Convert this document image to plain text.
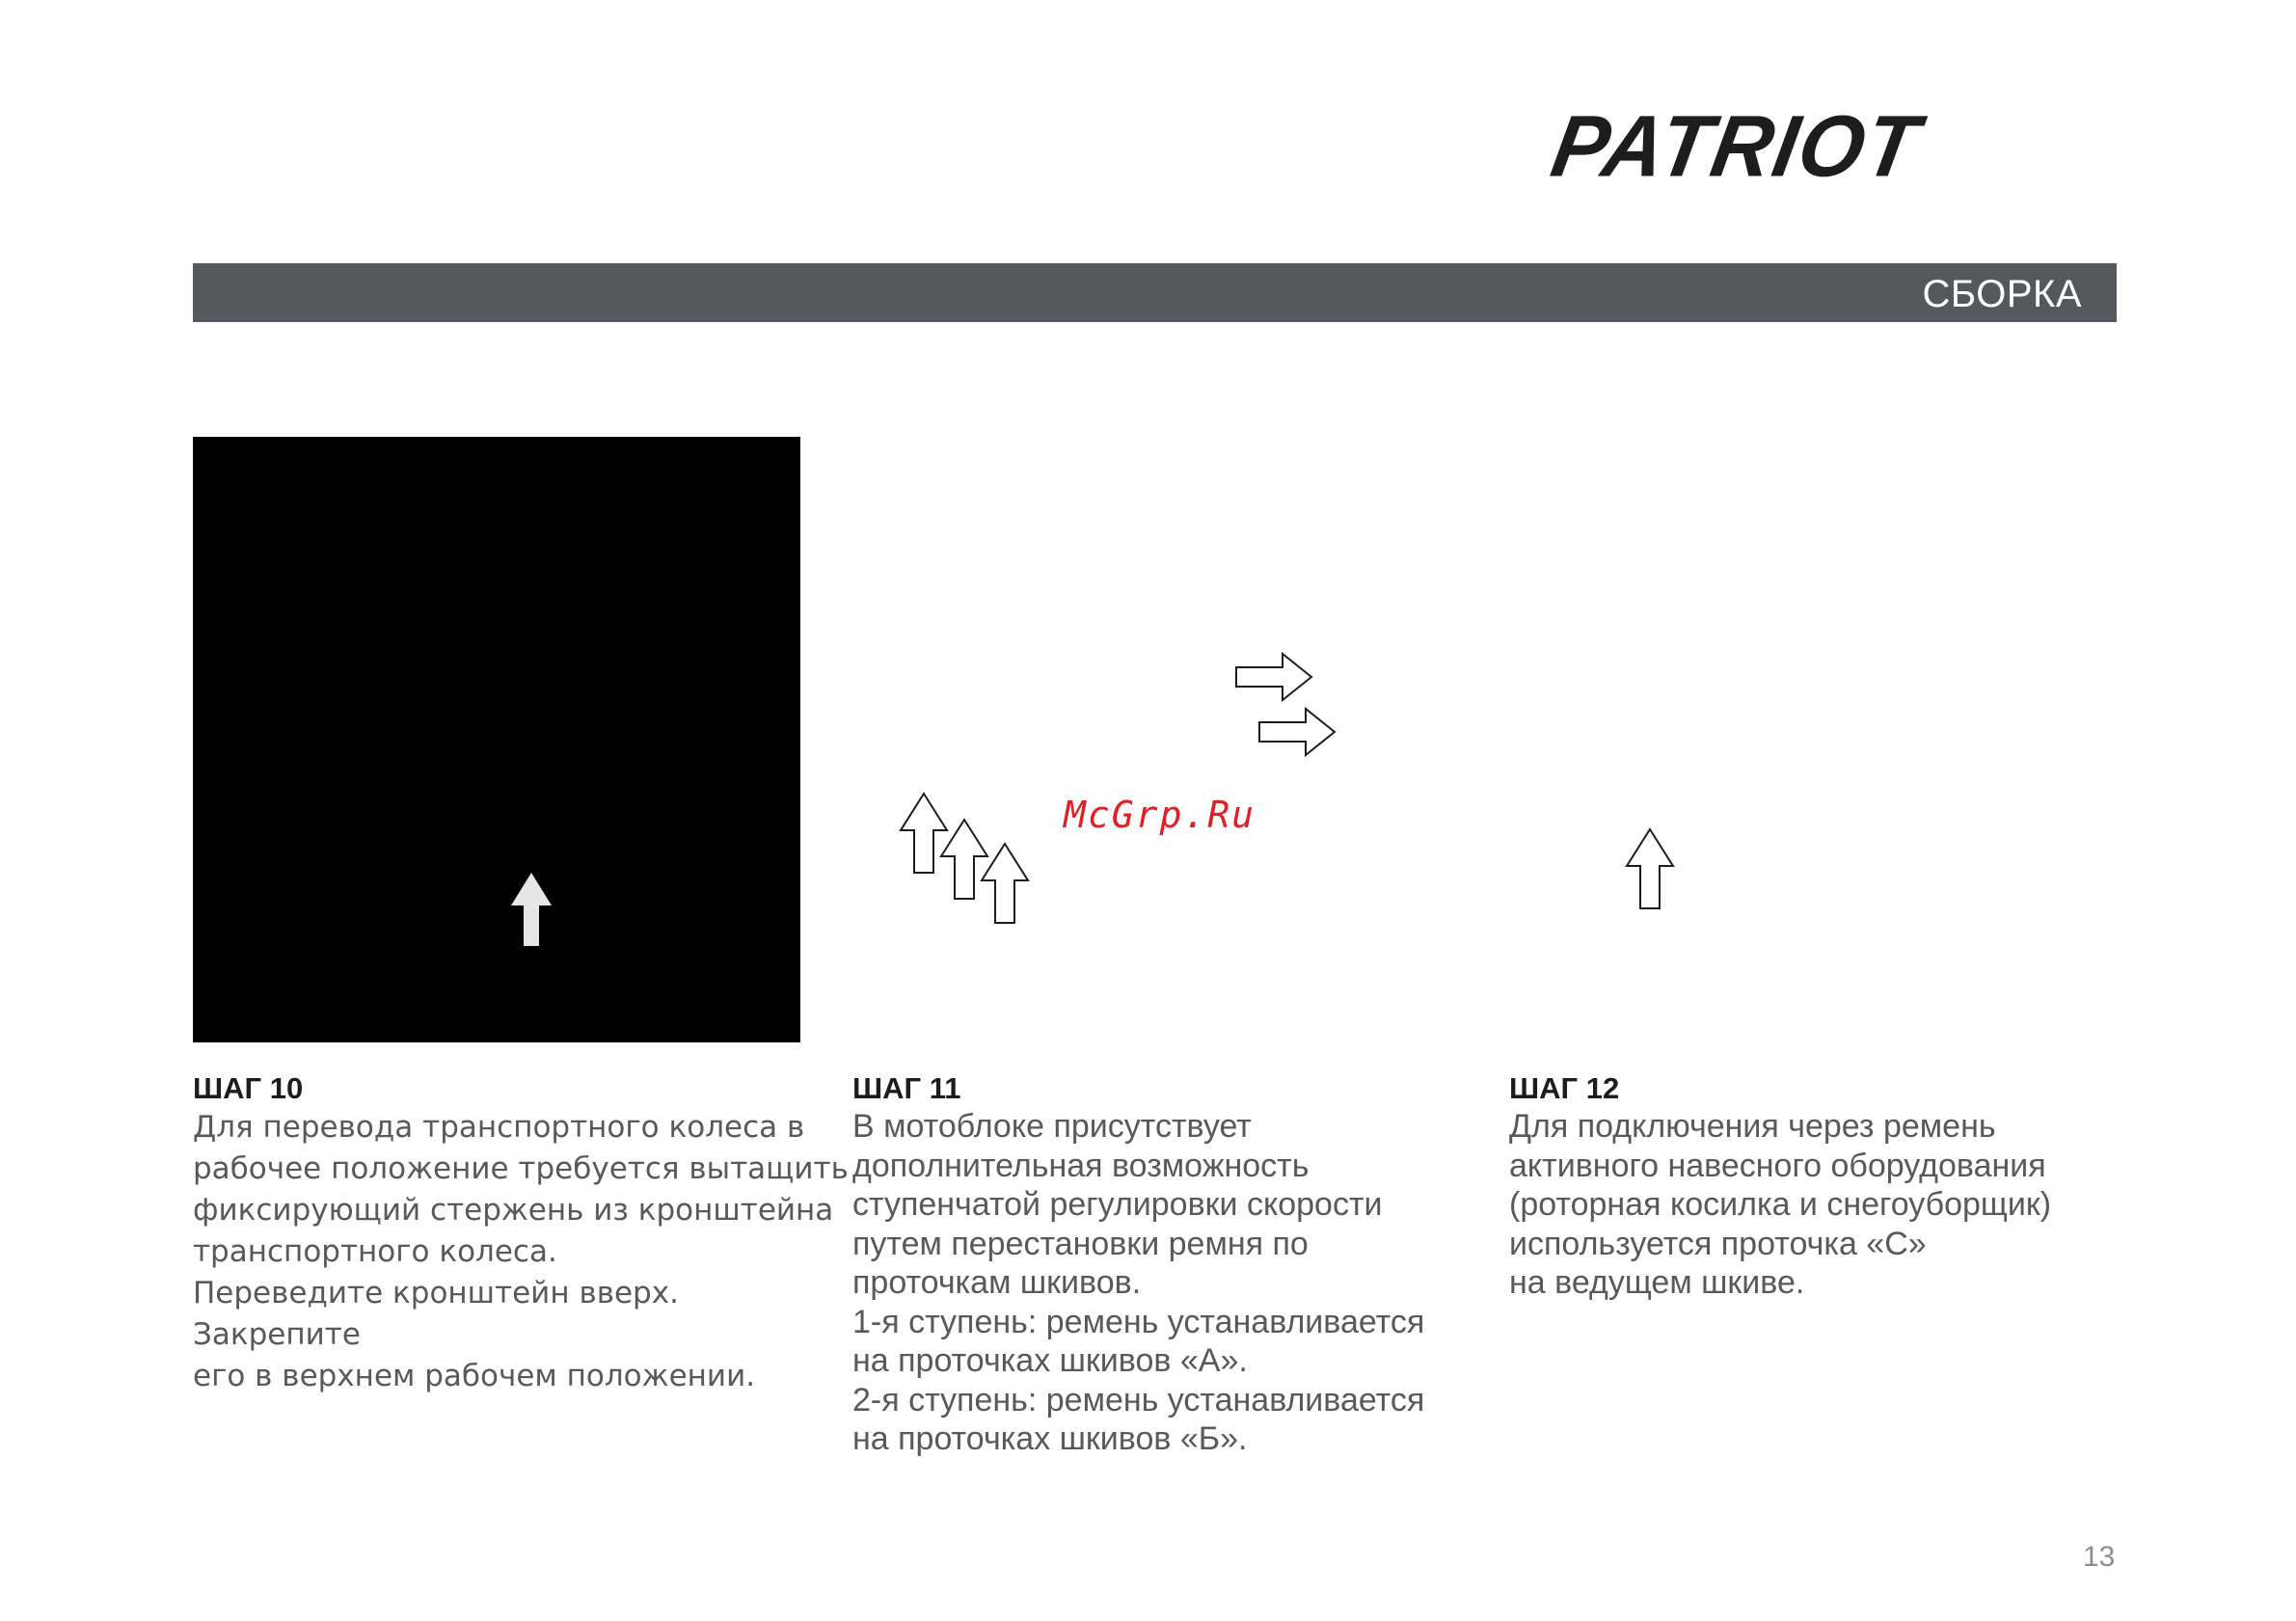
PATRIOT
СБОРКА
McGrp.Ru
ШАГ 10

Для перевода транспортного колеса в
рабочее положение требуется вытащить
фиксирующий стержень из кронштейна
транспортного колеса.

Переведите кронштейн вверх. Закрепите
его в верхнем рабочем положении.

ШАГ 11

В мотоблоке присутствует
дополнительная возможность
ступенчатой регулировки скорости
путем перестановки ремня по
проточкам шкивов.
1-я ступень: ремень устанавливается
на проточках шкивов «А».
2-я ступень: ремень устанавливается
на проточках шкивов «Б».

ШАГ 12

Для подключения через ремень
активного навесного оборудования
(роторная косилка и снегоуборщик)
используется проточка «С»
на ведущем шкиве.

13
